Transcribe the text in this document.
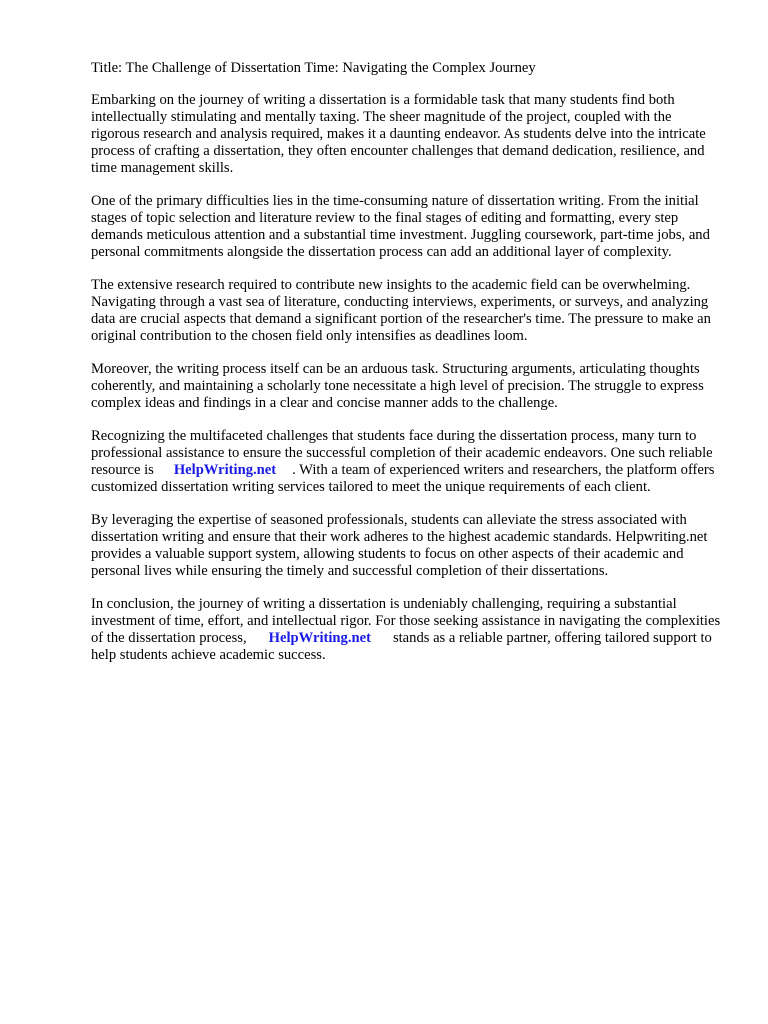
Title: The Challenge of Dissertation Time: Navigating the Complex Journey

Embarking on the journey of writing a dissertation is a formidable task that many students find both intellectually stimulating and mentally taxing. The sheer magnitude of the project, coupled with the rigorous research and analysis required, makes it a daunting endeavor. As students delve into the intricate process of crafting a dissertation, they often encounter challenges that demand dedication, resilience, and time management skills.

One of the primary difficulties lies in the time-consuming nature of dissertation writing. From the initial stages of topic selection and literature review to the final stages of editing and formatting, every step demands meticulous attention and a substantial time investment. Juggling coursework, part-time jobs, and personal commitments alongside the dissertation process can add an additional layer of complexity.

The extensive research required to contribute new insights to the academic field can be overwhelming. Navigating through a vast sea of literature, conducting interviews, experiments, or surveys, and analyzing data are crucial aspects that demand a significant portion of the researcher's time. The pressure to make an original contribution to the chosen field only intensifies as deadlines loom.

Moreover, the writing process itself can be an arduous task. Structuring arguments, articulating thoughts coherently, and maintaining a scholarly tone necessitate a high level of precision. The struggle to express complex ideas and findings in a clear and concise manner adds to the challenge.

Recognizing the multifaceted challenges that students face during the dissertation process, many turn to professional assistance to ensure the successful completion of their academic endeavors. One such reliable resource is HelpWriting.net . With a team of experienced writers and researchers, the platform offers customized dissertation writing services tailored to meet the unique requirements of each client.

By leveraging the expertise of seasoned professionals, students can alleviate the stress associated with dissertation writing and ensure that their work adheres to the highest academic standards. Helpwriting.net provides a valuable support system, allowing students to focus on other aspects of their academic and personal lives while ensuring the timely and successful completion of their dissertations.

In conclusion, the journey of writing a dissertation is undeniably challenging, requiring a substantial investment of time, effort, and intellectual rigor. For those seeking assistance in navigating the complexities of the dissertation process, HelpWriting.net stands as a reliable partner, offering tailored support to help students achieve academic success.
